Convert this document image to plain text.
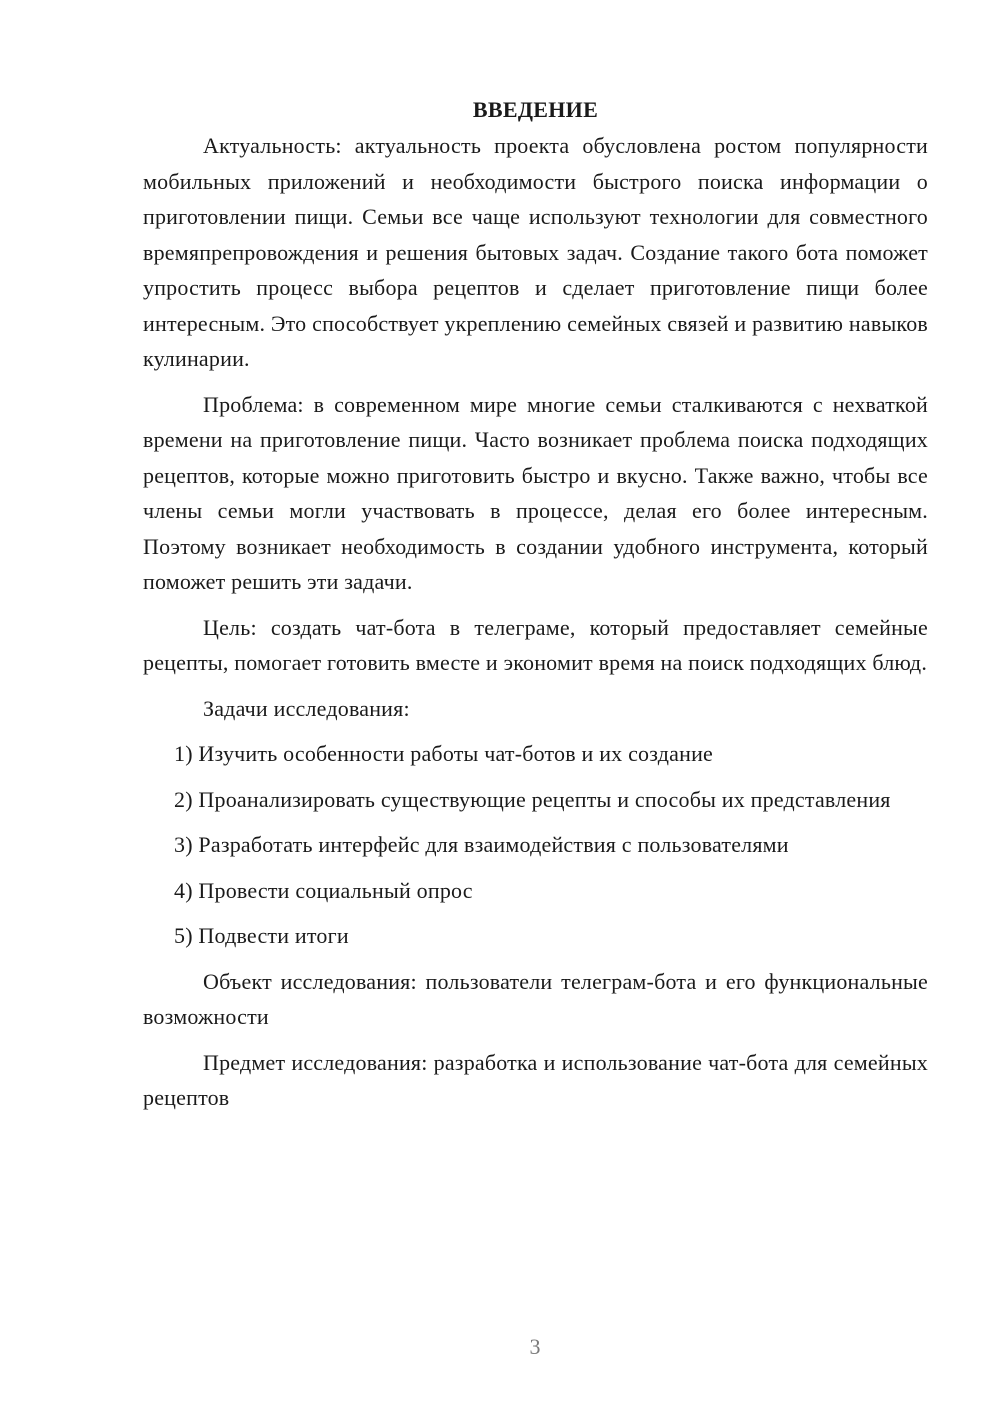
ВВЕДЕНИЕ

Актуальность: актуальность проекта обусловлена ростом популярности мобильных приложений и необходимости быстрого поиска информации о приготовлении пищи. Семьи все чаще используют технологии для совместного времяпрепровождения и решения бытовых задач. Создание такого бота поможет упростить процесс выбора рецептов и сделает приготовление пищи более интересным. Это способствует укреплению семейных связей и развитию навыков кулинарии.

Проблема: в современном мире многие семьи сталкиваются с нехваткой времени на приготовление пищи. Часто возникает проблема поиска подходящих рецептов, которые можно приготовить быстро и вкусно. Также важно, чтобы все члены семьи могли участвовать в процессе, делая его более интересным. Поэтому возникает необходимость в создании удобного инструмента, который поможет решить эти задачи.

Цель: создать чат-бота в телеграме, который предоставляет семейные рецепты, помогает готовить вместе и экономит время на поиск подходящих блюд.

Задачи исследования:

1) Изучить особенности работы чат-ботов и их создание

2) Проанализировать существующие рецепты и способы их представления

3) Разработать интерфейс для взаимодействия с пользователями

4) Провести социальный опрос

5) Подвести итоги

Объект исследования: пользователи телеграм-бота и его функциональные возможности

Предмет исследования: разработка и использование чат-бота для семейных рецептов

3
